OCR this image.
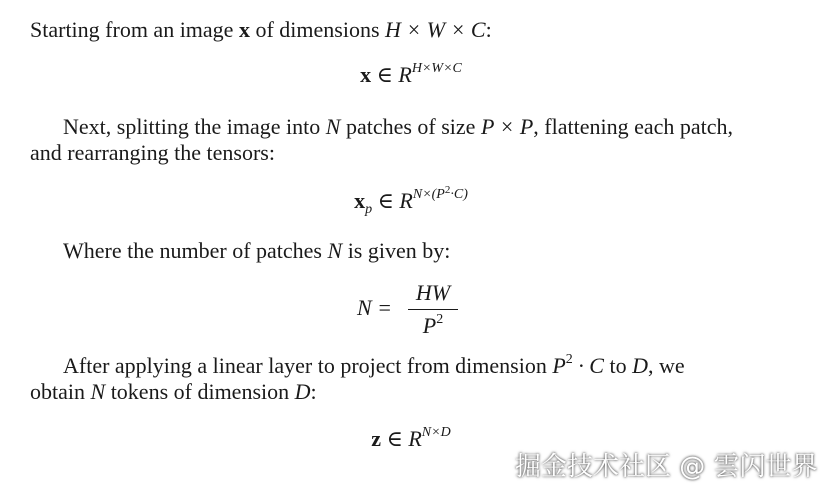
Starting from an image x of dimensions H × W × C:
x ∈ $R^{H\times W\times C}$
Next, splitting the image into N patches of size P × P, flattening each patch,
and rearranging the tensors:
$x_p$ ∈ $R^{N\times(P^2\cdot C)}$
Where the number of patches N is given by:
N =
HW
$P^2$
After applying a linear layer to project from dimension $P^2 \cdot C$ to D, we
obtain N tokens of dimension D:
z ∈ $R^{N\times D}$
掘金技术社区 @ 雲闪世界
